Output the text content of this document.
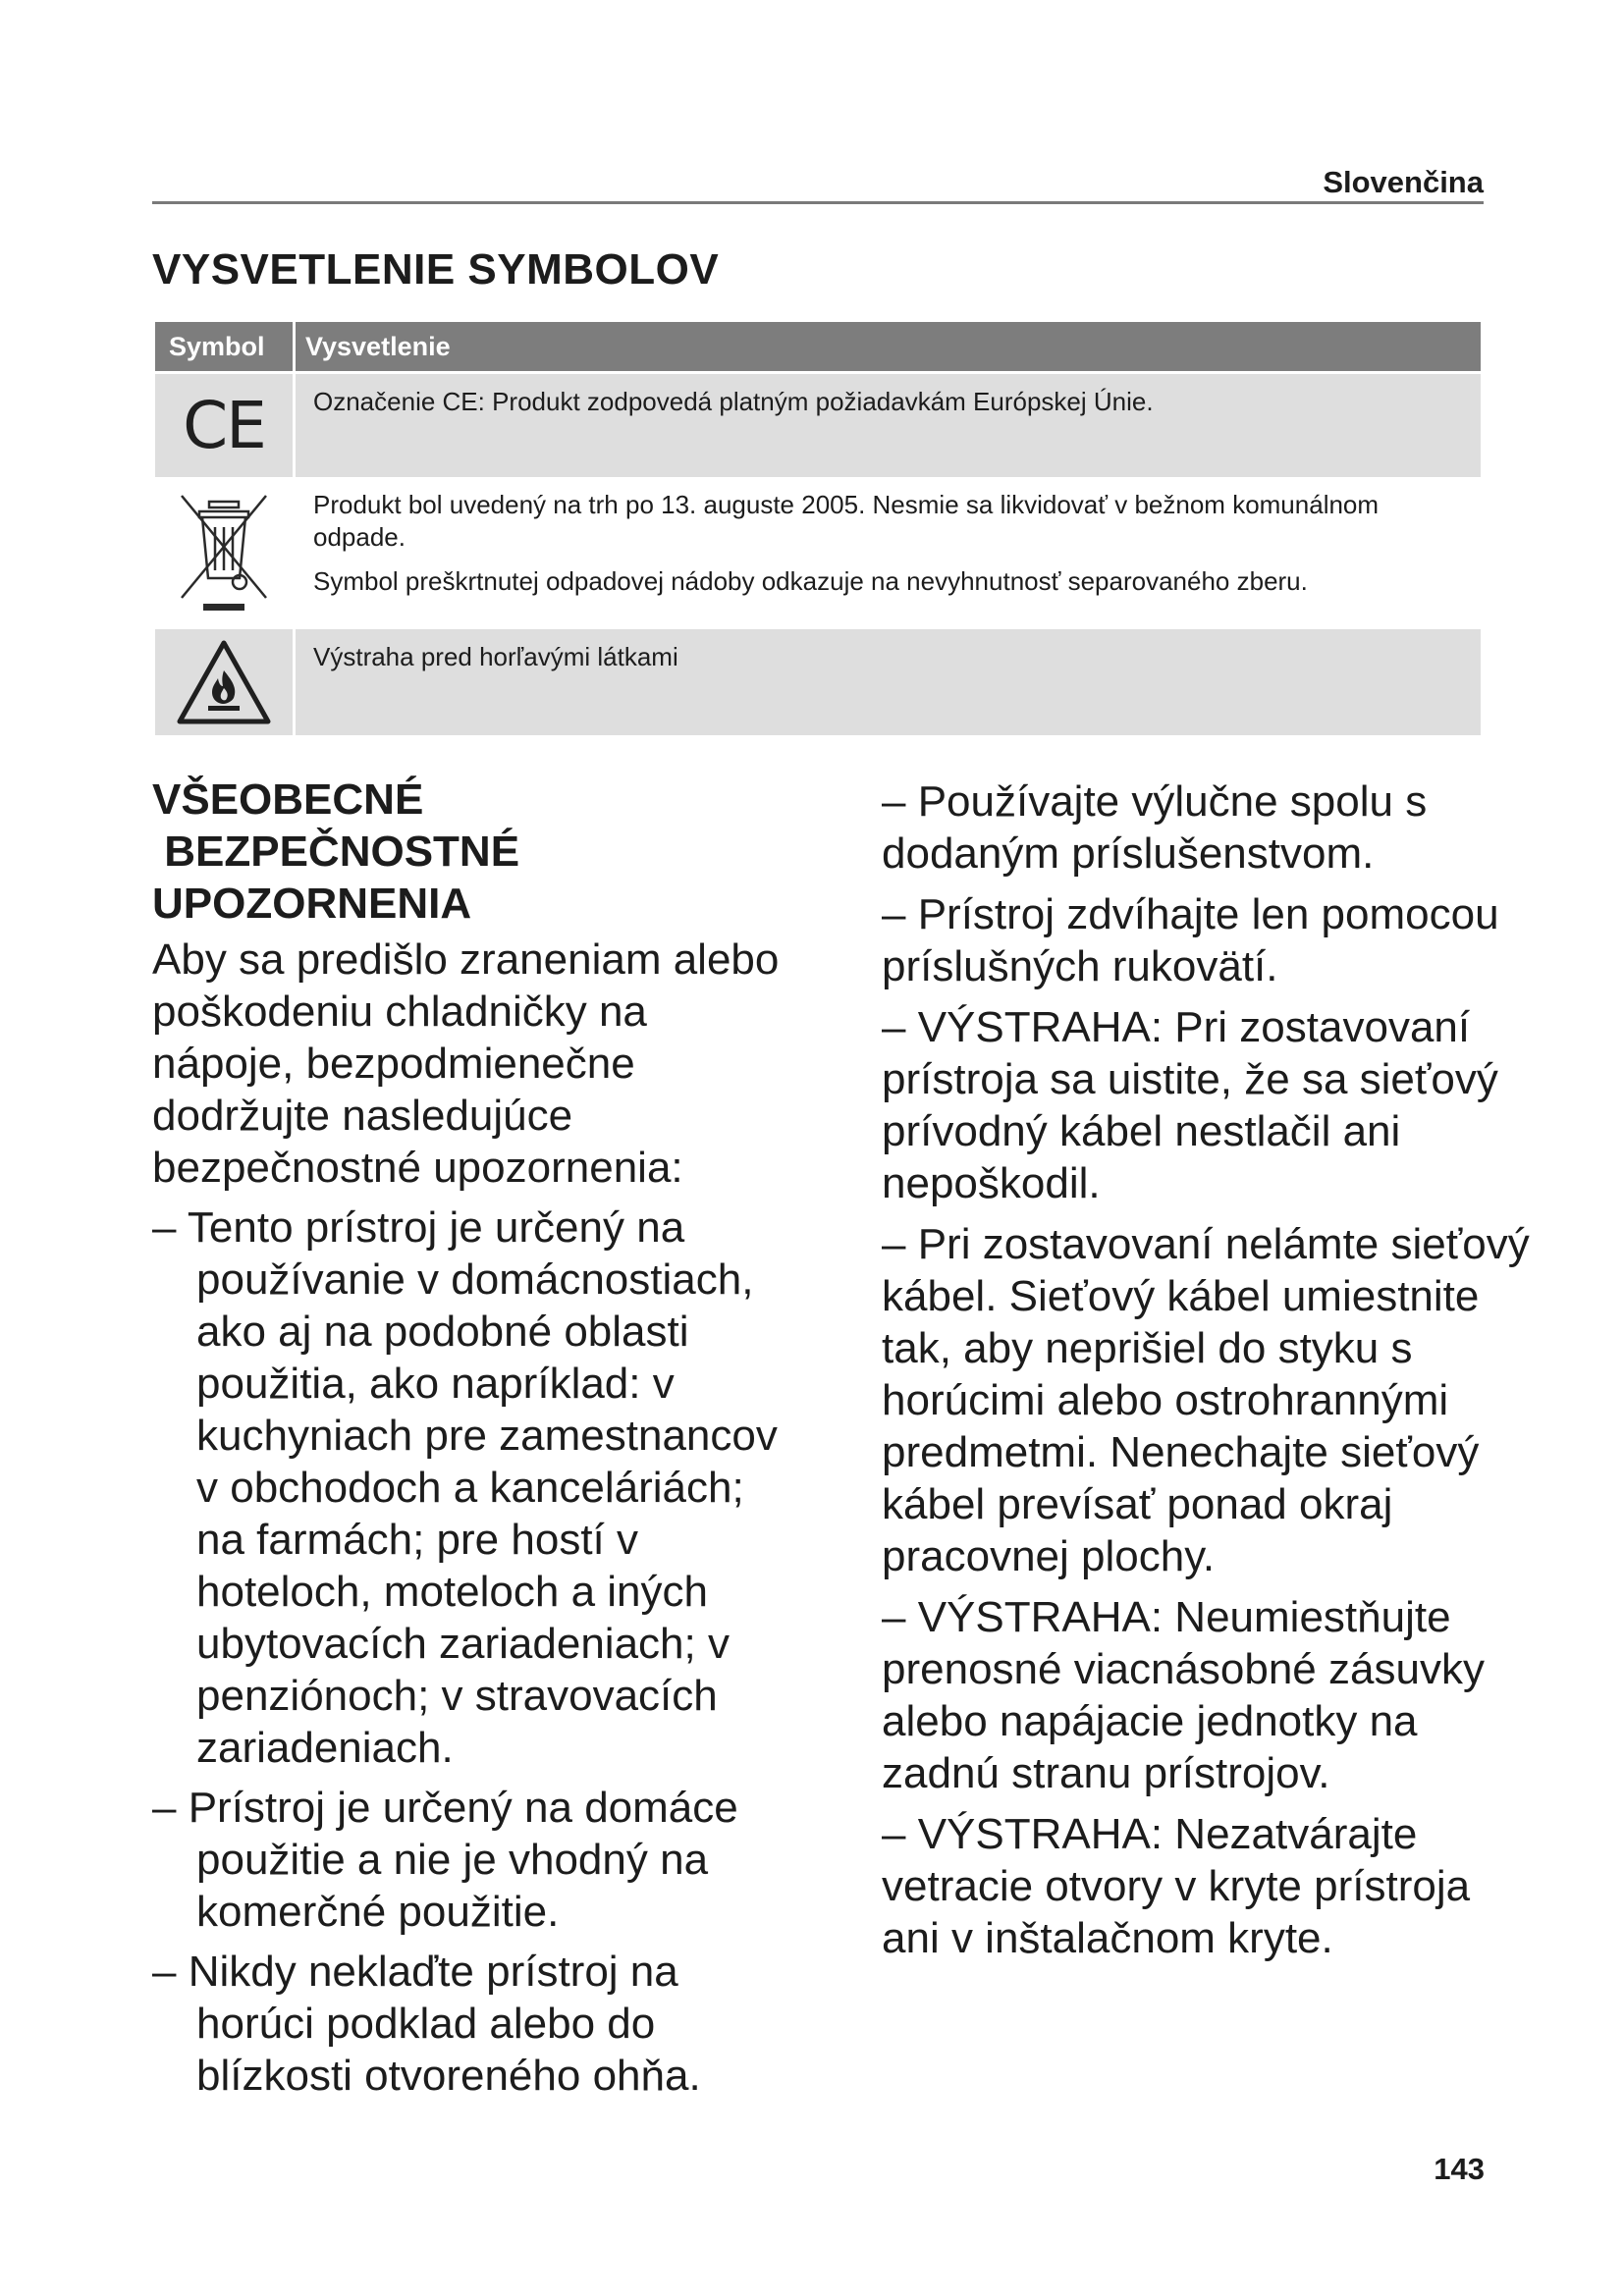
Slovenčina
VYSVETLENIE SYMBOLOV
Symbol Vysvetlenie
CE Označenie CE: Produkt zodpovedá platným požiadavkám Európskej Únie.

Produkt bol uvedený na trh po 13. auguste 2005. Nesmie sa likvidovať v bežnom komunálnom odpade.

Symbol preškrtnutej odpadovej nádoby odkazuje na nevyhnutnosť separovaného zberu.

Výstraha pred horľavými látkami

VŠEOBECNÉ
BEZPEČNOSTNÉ
UPOZORNENIA

Aby sa predišlo zraneniam alebo poškodeniu chladničky na nápoje, bezpodmienečne dodržujte nasledujúce bezpečnostné upozornenia:

– Tento prístroj je určený na používanie v domácnostiach, ako aj na podobné oblasti použitia, ako napríklad: v kuchyniach pre zamestnancov v obchodoch a kanceláriách; na farmách; pre hostí v hoteloch, moteloch a iných ubytovacích zariadeniach; v penziónoch; v stravovacích zariadeniach.

– Prístroj je určený na domáce použitie a nie je vhodný na komerčné použitie.

– Nikdy neklaďte prístroj na horúci podklad alebo do blízkosti otvoreného ohňa.

– Používajte výlučne spolu s dodaným príslušenstvom.

– Prístroj zdvíhajte len pomocou príslušných rukovätí.

– VÝSTRAHA: Pri zostavovaní prístroja sa uistite, že sa sieťový prívodný kábel nestlačil ani nepoškodil.

– Pri zostavovaní nelámte sieťový kábel. Sieťový kábel umiestnite tak, aby neprišiel do styku s horúcimi alebo ostrohrannými predmetmi. Nenechajte sieťový kábel prevísať ponad okraj pracovnej plochy.

– VÝSTRAHA: Neumiestňujte prenosné viacnásobné zásuvky alebo napájacie jednotky na zadnú stranu prístrojov.

– VÝSTRAHA: Nezatvárajte vetracie otvory v kryte prístroja ani v inštalačnom kryte.

143
